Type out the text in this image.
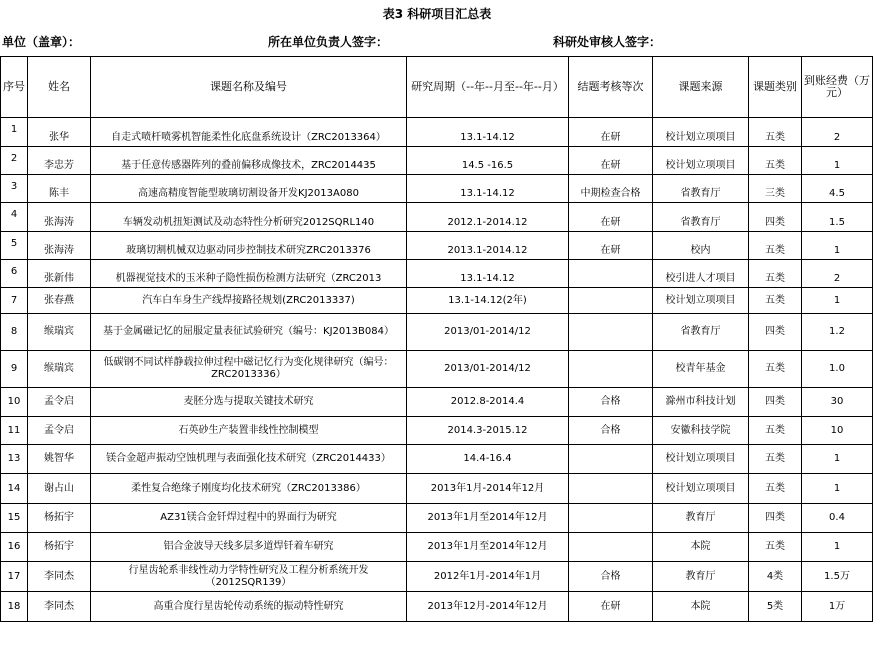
表3 科研项目汇总表
单位（盖章）：	所在单位负责人签字：	科研处审核人签字：
序号	姓名	课题名称及编号	研究周期（--年--月至--年--月）	结题考核等次	课题来源	课题类别	到账经费（万元）
1	张华	自走式喷杆喷雾机智能柔性化底盘系统设计（ZRC2013364）	13.1-14.12	在研	校计划立项项目	五类	2
2	李忠芳	基于任意传感器阵列的叠前偏移成像技术，ZRC2014435	14.5 -16.5	在研	校计划立项项目	五类	1
3	陈丰	高速高精度智能型玻璃切割设备开发KJ2013A080	13.1-14.12	中期检查合格	省教育厅	三类	4.5
4	张海涛	车辆发动机扭矩测试及动态特性分析研究2012SQRL140	2012.1-2014.12	在研	省教育厅	四类	1.5
5	张海涛	玻璃切割机械双边驱动同步控制技术研究ZRC2013376	2013.1-2014.12	在研	校内	五类	1
6	张新伟	机器视觉技术的玉米种子隐性损伤检测方法研究（ZRC2013	13.1-14.12		校引进人才项目	五类	2
7	张春燕	汽车白车身生产线焊接路径规划(ZRC2013337)	13.1-14.12(2年)		校计划立项项目	五类	1
8	缑瑞宾	基于金属磁记忆的屈服定量表征试验研究（编号：KJ2013B084）	2013/01-2014/12		省教育厅	四类	1.2
9	缑瑞宾	低碳钢不同试样静载拉伸过程中磁记忆行为变化规律研究（编号：ZRC2013336）	2013/01-2014/12		校青年基金	五类	1.0
10	孟令启	麦胚分选与提取关键技术研究	2012.8-2014.4	合格	滁州市科技计划	四类	30
11	孟令启	石英砂生产装置非线性控制模型	2014.3-2015.12	合格	安徽科技学院	五类	10
13	姚智华	镁合金超声振动空蚀机理与表面强化技术研究（ZRC2014433）	14.4-16.4		校计划立项项目	五类	1
14	谢占山	柔性复合绝缘子刚度均化技术研究（ZRC2013386）	2013年1月-2014年12月		校计划立项项目	五类	1
15	杨拓宇	AZ31镁合金钎焊过程中的界面行为研究	2013年1月至2014年12月		教育厅	四类	0.4
16	杨拓宇	铝合金波导天线多层多道焊钎着车研究	2013年1月至2014年12月		本院	五类	1
17	李同杰	行星齿轮系非线性动力学特性研究及工程分析系统开发（2012SQR139）	2012年1月-2014年1月	合格	教育厅	4类	1.5万
18	李同杰	高重合度行星齿轮传动系统的振动特性研究	2013年12月-2014年12月	在研	本院	5类	1万
